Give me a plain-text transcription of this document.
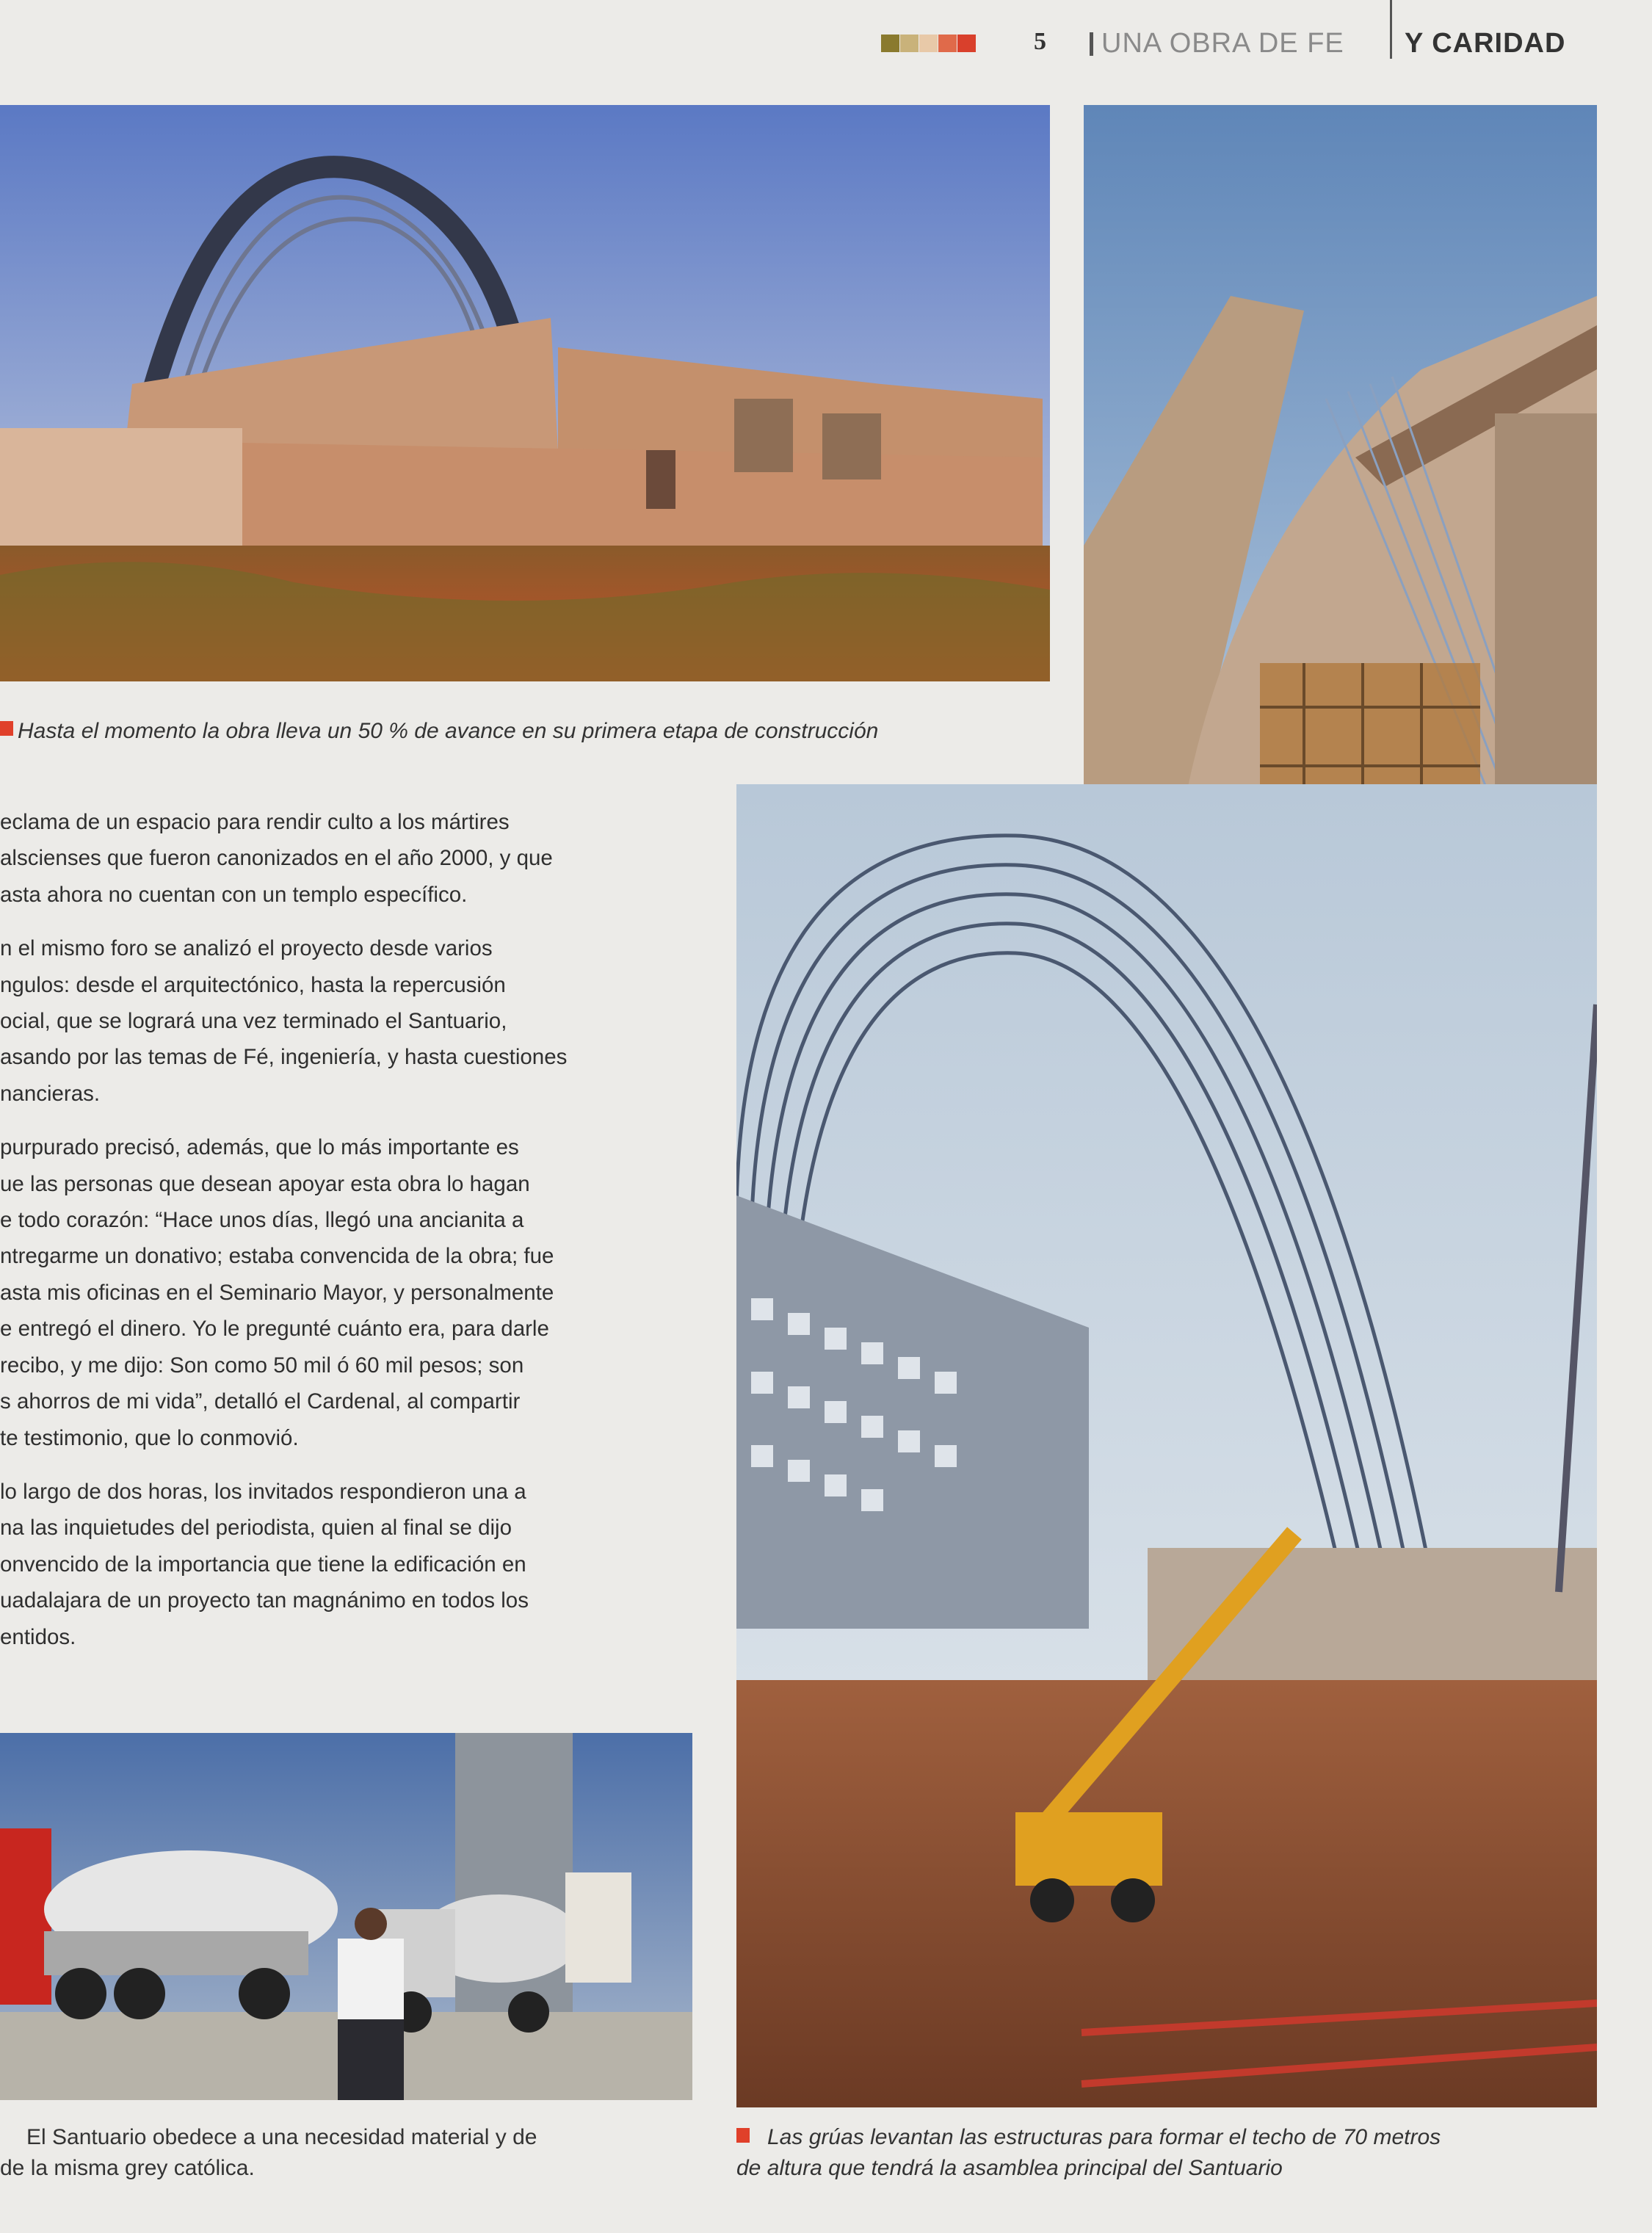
5 UNA OBRA DE FE Y CARIDAD
Hasta el momento la obra lleva un 50 % de avance en su primera etapa de construcción
eclama de un espacio para rendir culto a los mártires
alscienses que fueron canonizados en el año 2000, y que
asta ahora no cuentan con un templo específico.
n el mismo foro se analizó el proyecto desde varios
ngulos: desde el arquitectónico, hasta la repercusión
ocial, que se logrará una vez terminado el Santuario,
asando por las temas de Fé, ingeniería, y hasta cuestiones
nancieras.
purpurado precisó, además, que lo más importante es
ue las personas que desean apoyar esta obra lo hagan
e todo corazón: “Hace unos días, llegó una ancianita a
ntregarme un donativo; estaba convencida de la obra; fue
asta mis oficinas en el Seminario Mayor, y personalmente
e entregó el dinero. Yo le pregunté cuánto era, para darle
recibo, y me dijo: Son como 50 mil ó 60 mil pesos; son
s ahorros de mi vida”, detalló el Cardenal, al compartir
te testimonio, que lo conmovió.
lo largo de dos horas, los invitados respondieron una a
na las inquietudes del periodista, quien al final se dijo
onvencido de la importancia que tiene la edificación en
uadalajara de un proyecto tan magnánimo en todos los
entidos.
Las grúas levantan las estructuras para formar el techo de 70 metros
de altura que tendrá la asamblea principal del Santuario
El Santuario obedece a una necesidad material y de
de la misma grey católica.
